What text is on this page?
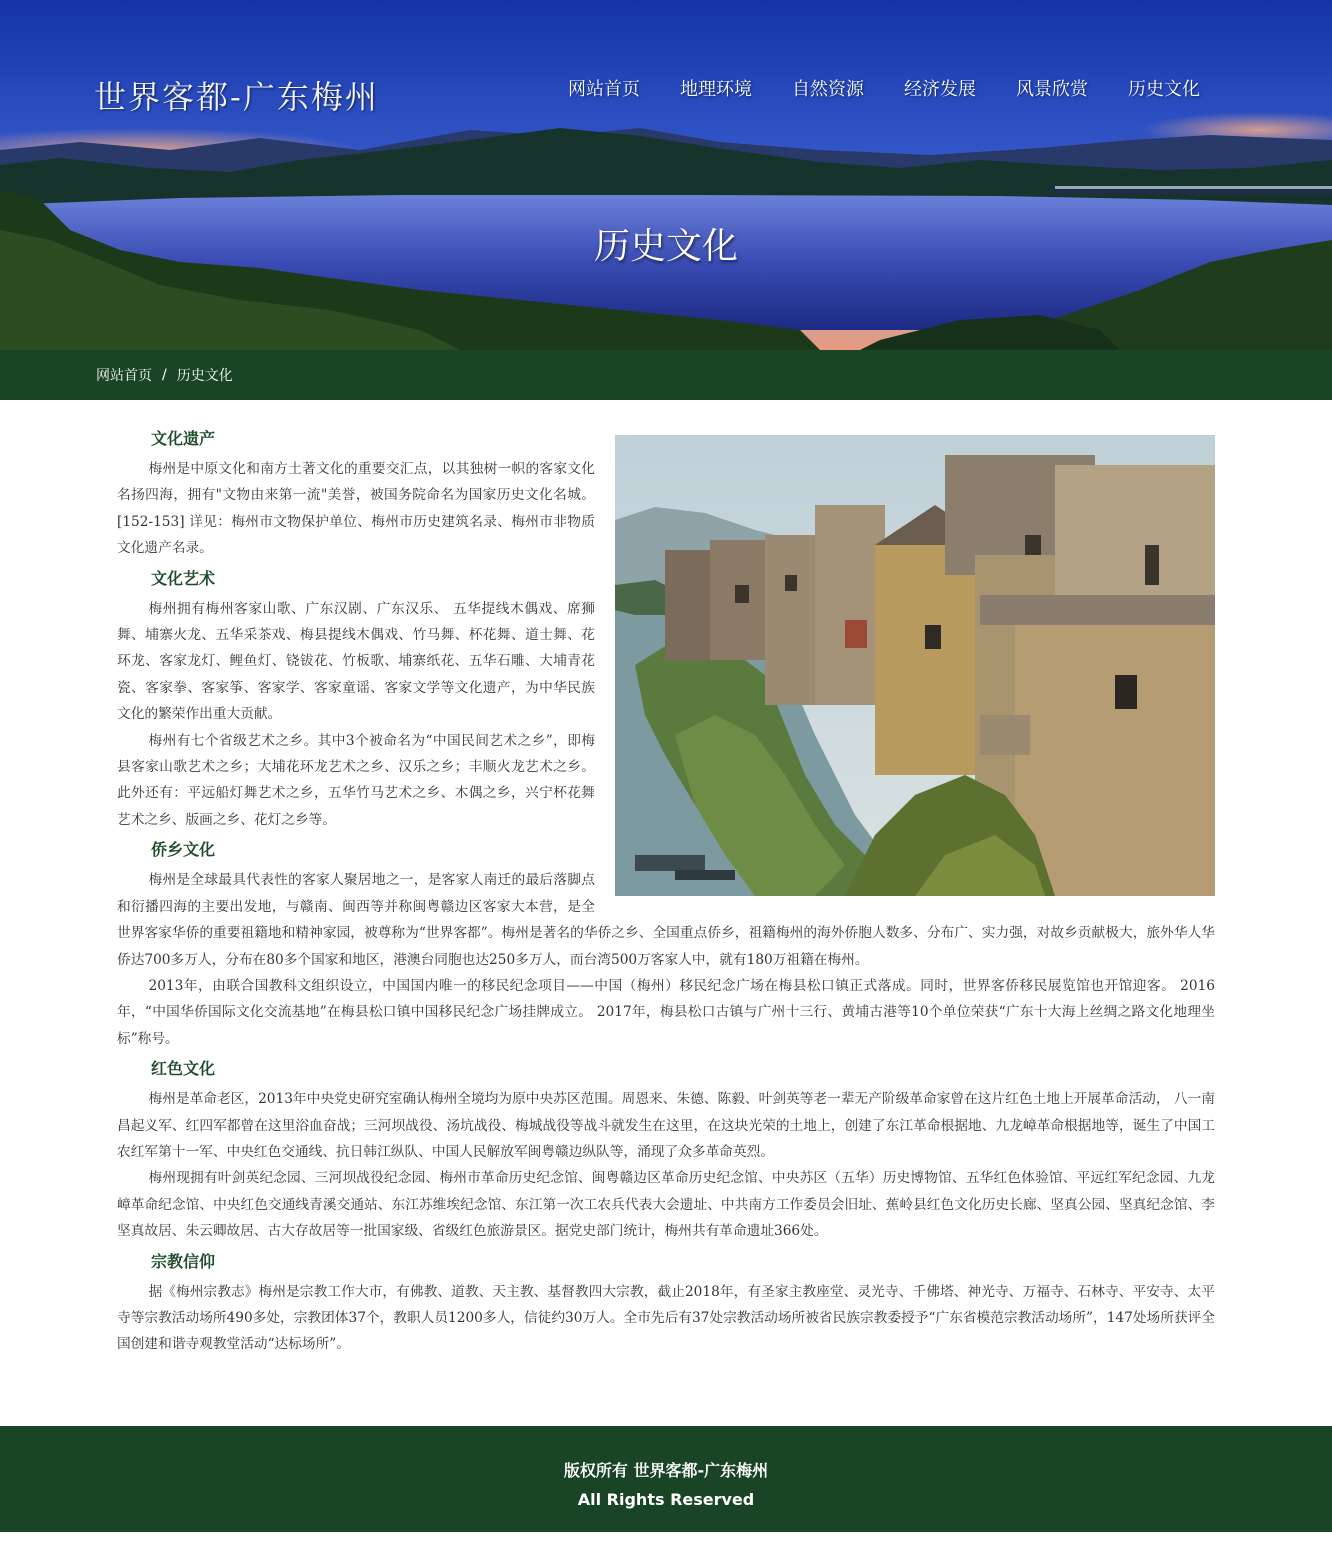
世界客都-广东梅州	网站首页	地理环境	自然资源	经济发展	风景欣赏	历史文化
历史文化
网站首页 / 历史文化
文化遗产

梅州是中原文化和南方土著文化的重要交汇点，以其独树一帜的客家文化名扬四海，拥有"文物由来第一流"美誉，被国务院命名为国家历史文化名城。 [152-153] 详见：梅州市文物保护单位、梅州市历史建筑名录、梅州市非物质文化遗产名录。

文化艺术

梅州拥有梅州客家山歌、广东汉剧、广东汉乐、 五华提线木偶戏、席狮舞、埔寨火龙、五华采茶戏、梅县提线木偶戏、竹马舞、杯花舞、道士舞、花环龙、客家龙灯、鲤鱼灯、铙钹花、竹板歌、埔寨纸花、五华石雕、大埔青花瓷、客家拳、客家筝、客家学、客家童谣、客家文学等文化遗产，为中华民族文化的繁荣作出重大贡献。

梅州有七个省级艺术之乡。其中3个被命名为“中国民间艺术之乡”，即梅县客家山歌艺术之乡；大埔花环龙艺术之乡、汉乐之乡；丰顺火龙艺术之乡。此外还有：平远船灯舞艺术之乡，五华竹马艺术之乡、木偶之乡，兴宁杯花舞艺术之乡、版画之乡、花灯之乡等。

侨乡文化

梅州是全球最具代表性的客家人聚居地之一，是客家人南迁的最后落脚点和衍播四海的主要出发地，与赣南、闽西等并称闽粤赣边区客家大本营，是全世界客家华侨的重要祖籍地和精神家园，被尊称为“世界客都”。梅州是著名的华侨之乡、全国重点侨乡，祖籍梅州的海外侨胞人数多、分布广、实力强，对故乡贡献极大，旅外华人华侨达700多万人，分布在80多个国家和地区，港澳台同胞也达250多万人，而台湾500万客家人中，就有180万祖籍在梅州。

2013年，由联合国教科文组织设立，中国国内唯一的移民纪念项目——中国（梅州）移民纪念广场在梅县松口镇正式落成。同时，世界客侨移民展览馆也开馆迎客。 2016年，“中国华侨国际文化交流基地”在梅县松口镇中国移民纪念广场挂牌成立。 2017年，梅县松口古镇与广州十三行、黄埔古港等10个单位荣获“广东十大海上丝绸之路文化地理坐标”称号。

红色文化

梅州是革命老区，2013年中央党史研究室确认梅州全境均为原中央苏区范围。周恩来、朱德、陈毅、叶剑英等老一辈无产阶级革命家曾在这片红色土地上开展革命活动， 八一南昌起义军、红四军都曾在这里浴血奋战；三河坝战役、汤坑战役、梅城战役等战斗就发生在这里，在这块光荣的土地上，创建了东江革命根据地、九龙嶂革命根据地等，诞生了中国工农红军第十一军、中央红色交通线、抗日韩江纵队、中国人民解放军闽粤赣边纵队等，涌现了众多革命英烈。

梅州现拥有叶剑英纪念园、三河坝战役纪念园、梅州市革命历史纪念馆、闽粤赣边区革命历史纪念馆、中央苏区（五华）历史博物馆、五华红色体验馆、平远红军纪念园、九龙嶂革命纪念馆、中央红色交通线青溪交通站、东江苏维埃纪念馆、东江第一次工农兵代表大会遗址、中共南方工作委员会旧址、蕉岭县红色文化历史长廊、坚真公园、坚真纪念馆、李坚真故居、朱云卿故居、古大存故居等一批国家级、省级红色旅游景区。据党史部门统计，梅州共有革命遗址366处。

宗教信仰

据《梅州宗教志》梅州是宗教工作大市，有佛教、道教、天主教、基督教四大宗教，截止2018年，有圣家主教座堂、灵光寺、千佛塔、神光寺、万福寺、石林寺、平安寺、太平寺等宗教活动场所490多处，宗教团体37个，教职人员1200多人，信徒约30万人。全市先后有37处宗教活动场所被省民族宗教委授予“广东省模范宗教活动场所”，147处场所获评全国创建和谐寺观教堂活动“达标场所”。

版权所有 世界客都-广东梅州
All Rights Reserved
